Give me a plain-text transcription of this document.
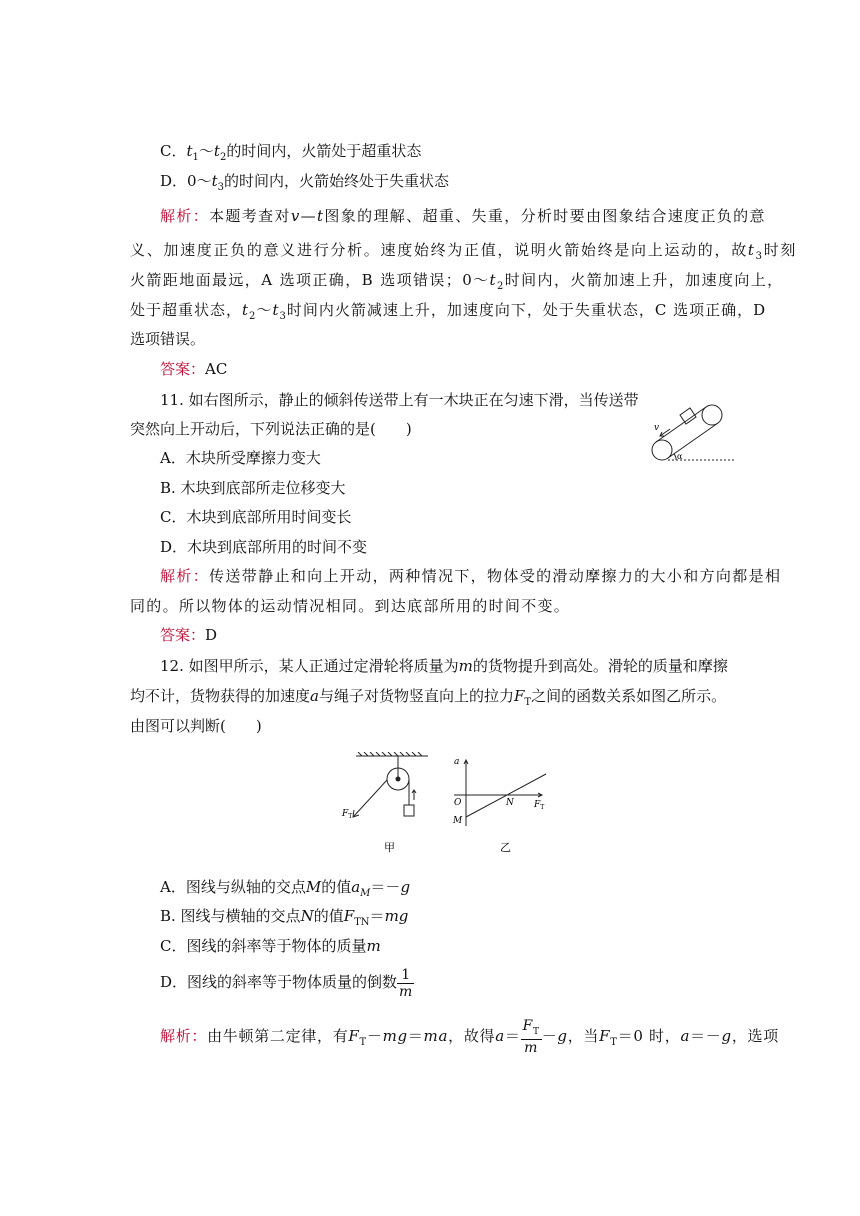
C．$t_1\sim t_2$的时间内，火箭处于超重状态
D．$0\sim t_3$的时间内，火箭始终处于失重状态
解析：本题考查对v—t图象的理解、超重、失重，分析时要由图象结合速度正负的意
义、加速度正负的意义进行分析。速度始终为正值，说明火箭始终是向上运动的，故$t_3$时刻
火箭距地面最远，A 选项正确，B 选项错误；$0\sim t_2$时间内，火箭加速上升，加速度向上，
处于超重状态，$t_2\sim t_3$时间内火箭减速上升，加速度向下，处于失重状态，C 选项正确，D
选项错误。
答案：AC
11. 如右图所示，静止的倾斜传送带上有一木块正在匀速下滑，当传送带
突然向上开动后，下列说法正确的是(　　)
A．木块所受摩擦力变大
B. 木块到底部所走位移变大
C．木块到底部所用时间变长
D．木块到底部所用的时间不变
v
α
解析：传送带静止和向上开动，两种情况下，物体受的滑动摩擦力的大小和方向都是相
同的。所以物体的运动情况相同。到达底部所用的时间不变。
答案：D
12. 如图甲所示，某人正通过定滑轮将质量为m的货物提升到高处。滑轮的质量和摩擦
均不计，货物获得的加速度a与绳子对货物竖直向上的拉力$F_T$之间的函数关系如图乙所示。
由图可以判断(　　)
$F_T$
甲
a
O	N
M
$F_T$
乙
A．图线与纵轴的交点M的值$a_M=-g$
B. 图线与横轴的交点N的值$F_{TN}=mg$
C．图线的斜率等于物体的质量m
D．图线的斜率等于物体质量的倒数 $\frac{1}{m}$
解析：由牛顿第二定律，有$F_T-mg=ma$，故得$a= \frac{F_T}{m} -g$，当$F_T=0$ 时，a＝－g，选项
